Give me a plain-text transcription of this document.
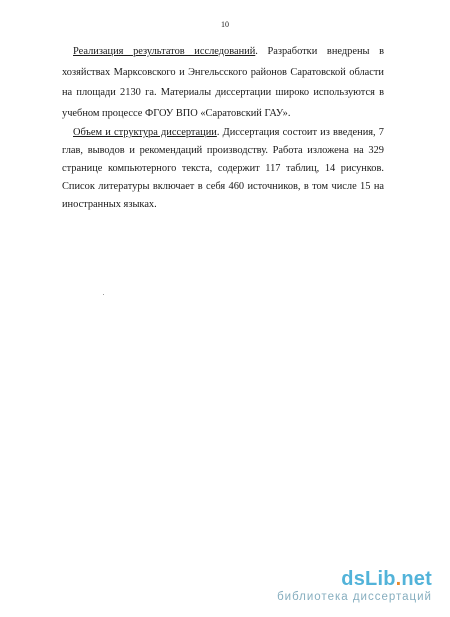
10

Реализация результатов исследований. Разработки внедрены в хозяйствах Марксовского и Энгельсского районов Саратовской области на площади 2130 га. Материалы диссертации широко используются в учебном процессе ФГОУ ВПО «Саратовский ГАУ».

Объем и структура диссертации. Диссертация состоит из введения, 7 глав, выводов и рекомендаций производству. Работа изложена на 329 странице компьютерного текста, содержит 117 таблиц, 14 рисунков. Список литературы включает в себя 460 источников, в том числе 15 на иностранных языках.

dsLib.net
библиотека диссертаций
